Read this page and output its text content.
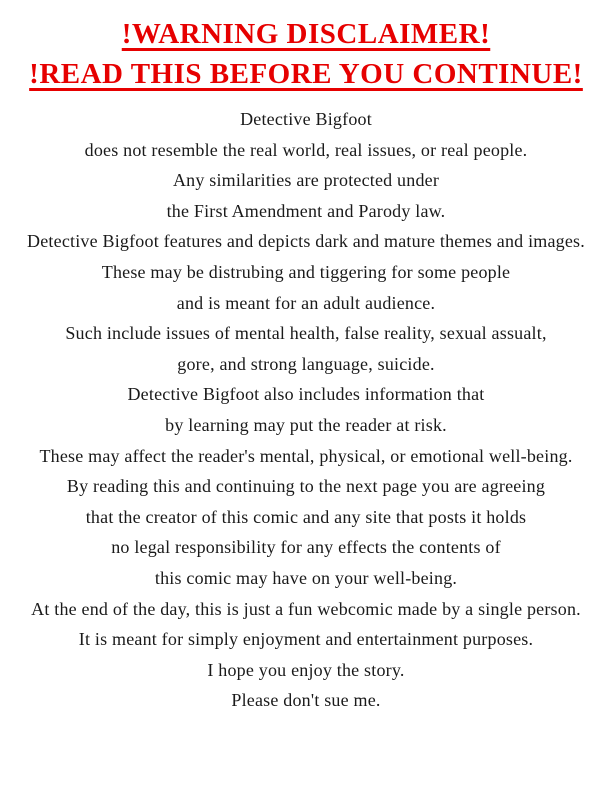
!WARNING DISCLAIMER!
!READ THIS BEFORE YOU CONTINUE!

Detective Bigfoot

does not resemble the real world, real issues, or real people.

Any similarities are protected under

the First Amendment and Parody law.

Detective Bigfoot features and depicts dark and mature themes and images.

These may be distrubing and tiggering for some people

and is meant for an adult audience.

Such include issues of mental health, false reality, sexual assualt,

gore, and strong language, suicide.

Detective Bigfoot also includes information that

by learning may put the reader at risk.

These may affect the reader's mental, physical, or emotional well-being.

By reading this and continuing to the next page you are agreeing

that the creator of this comic and any site that posts it holds

no legal responsibility for any effects the contents of

this comic may have on your well-being.

At the end of the day, this is just a fun webcomic made by a single person.

It is meant for simply enjoyment and entertainment purposes.

I hope you enjoy the story.

Please don't sue me.
